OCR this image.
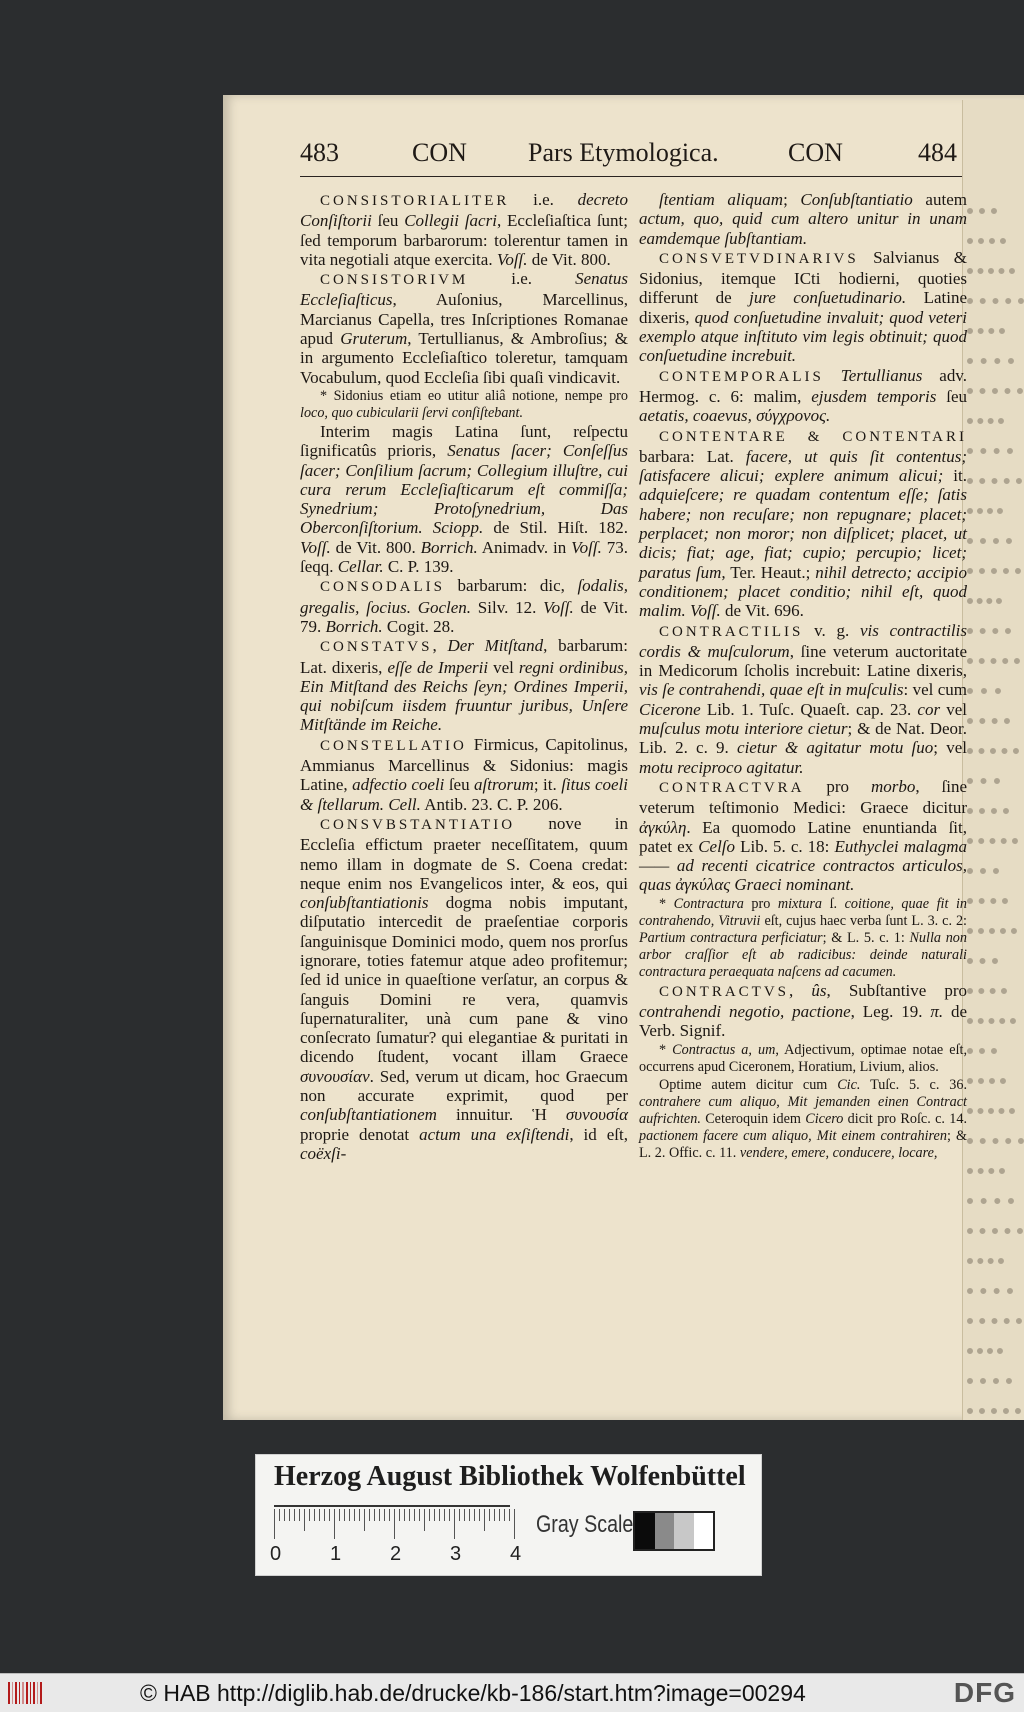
483	CON Pars Etymologica.	CON	484

CONSISTORIALITER i.e. decreto Conſiſtorii ſeu Collegii ſacri, Eccleſiaſtica ſunt; ſed temporum barbarorum: tolerentur tamen in vita negotiali atque exercita. Voſſ. de Vit. 800.

CONSISTORIVM i.e. Senatus Eccleſiaſticus, Auſonius, Marcellinus, Marcianus Capella, tres Inſcriptiones Romanae apud Gruterum, Tertullianus, & Ambroſius; & in argumento Eccleſiaſtico toleretur, tamquam Vocabulum, quod Eccleſia ſibi quaſi vindicavit.

* Sidonius etiam eo utitur aliâ notione, nempe pro loco, quo cubicularii ſervi conſiſtebant.

Interim magis Latina ſunt, reſpectu ſignificatûs prioris, Senatus ſacer; Conſeſſus ſacer; Conſilium ſacrum; Collegium illuſtre, cui cura rerum Eccleſiaſticarum eſt commiſſa; Synedrium; Protoſynedrium, Das Oberconſiſtorium. Sciopp. de Stil. Hiſt. 182. Voſſ. de Vit. 800. Borrich. Animadv. in Voſſ. 73. ſeqq. Cellar. C. P. 139.

CONSODALIS barbarum: dic, ſodalis, gregalis, ſocius. Goclen. Silv. 12. Voſſ. de Vit. 79. Borrich. Cogit. 28.

CONSTATVS, Der Mitſtand, barbarum: Lat. dixeris, eſſe de Imperii vel regni ordinibus, Ein Mitſtand des Reichs ſeyn; Ordines Imperii, qui nobiſcum iisdem fruuntur juribus, Unſere Mitſtände im Reiche.

CONSTELLATIO Firmicus, Capitolinus, Ammianus Marcellinus & Sidonius: magis Latine, adfectio coeli ſeu aſtrorum; it. ſitus coeli & ſtellarum. Cell. Antib. 23. C. P. 206.

CONSVBSTANTIATIO nove in Eccleſia effictum praeter neceſſitatem, quum nemo illam in dogmate de S. Coena credat: neque enim nos Evangelicos inter, & eos, qui conſubſtantiationis dogma nobis imputant, diſputatio intercedit de praeſentiae corporis ſanguinisque Dominici modo, quem nos prorſus ignorare, toties fatemur atque adeo profitemur; ſed id unice in quaeſtione verſatur, an corpus & ſanguis Domini re vera, quamvis ſupernaturaliter, unà cum pane & vino conſecrato ſumatur? qui elegantiae & puritati in dicendo ſtudent, vocant illam Graece συνουσίαν. Sed, verum ut dicam, hoc Graecum non accurate exprimit, quod per conſubſtantiationem innuitur. Ἡ συνουσία proprie denotat actum una exſiſtendi, id eſt, coëxſi-

ſtentiam aliquam; Conſubſtantiatio autem actum, quo, quid cum altero unitur in unam eamdemque ſubſtantiam.

CONSVETVDINARIVS Salvianus & Sidonius, itemque ICti hodierni, quoties differunt de jure conſuetudinario. Latine dixeris, quod conſuetudine invaluit; quod veteri exemplo atque inſtituto vim legis obtinuit; quod conſuetudine increbuit.

CONTEMPORALIS Tertullianus adv. Hermog. c. 6: malim, ejusdem temporis ſeu aetatis, coaevus, σύγχρονος.

CONTENTARE & CONTENTARI barbara: Lat. facere, ut quis ſit contentus; ſatisfacere alicui; explere animum alicui; it. adquieſcere; re quadam contentum eſſe; ſatis habere; non recuſare; non repugnare; placet; perplacet; non moror; non diſplicet; placet, ut dicis; fiat; age, fiat; cupio; percupio; licet; paratus ſum, Ter. Heaut.; nihil detrecto; accipio conditionem; placet conditio; nihil eſt, quod malim. Voſſ. de Vit. 696.

CONTRACTILIS v. g. vis contractilis cordis & muſculorum, ſine veterum auctoritate in Medicorum ſcholis increbuit: Latine dixeris, vis ſe contrahendi, quae eſt in muſculis: vel cum Cicerone Lib. 1. Tuſc. Quaeſt. cap. 23. cor vel muſculus motu interiore cietur; & de Nat. Deor. Lib. 2. c. 9. cietur & agitatur motu ſuo; vel motu reciproco agitatur.

CONTRACTVRA pro morbo, ſine veterum teſtimonio Medici: Graece dicitur ἀγκύλη. Ea quomodo Latine enuntianda ſit, patet ex Celſo Lib. 5. c. 18: Euthyclei malagma —— ad recenti cicatrice contractos articulos, quas ἀγκύλας Graeci nominant.

* Contractura pro mixtura ſ. coitione, quae fit in contrahendo, Vitruvii eſt, cujus haec verba ſunt L. 3. c. 2: Partium contractura perficiatur; & L. 5. c. 1: Nulla non arbor craſſior eſt ab radicibus: deinde naturali contractura peraequata naſcens ad cacumen.

CONTRACTVS, ûs, Subſtantive pro contrahendi negotio, pactione, Leg. 19. π. de Verb. Signif.

* Contractus a, um, Adjectivum, optimae notae eſt, occurrens apud Ciceronem, Horatium, Livium, alios.

Optime autem dicitur cum Cic. Tuſc. 5. c. 36. contrahere cum aliquo, Mit jemanden einen Contract aufrichten. Ceteroquin idem Cicero dicit pro Roſc. c. 14. pactionem facere cum aliquo, Mit einem contrahiren; & L. 2. Offic. c. 11. vendere, emere, conducere, locare,

Herzog August Bibliothek Wolfenbüttel
0 1 2 3 4
Gray Scale
© HAB http://diglib.hab.de/drucke/kb-186/start.htm?image=00294	DFG
